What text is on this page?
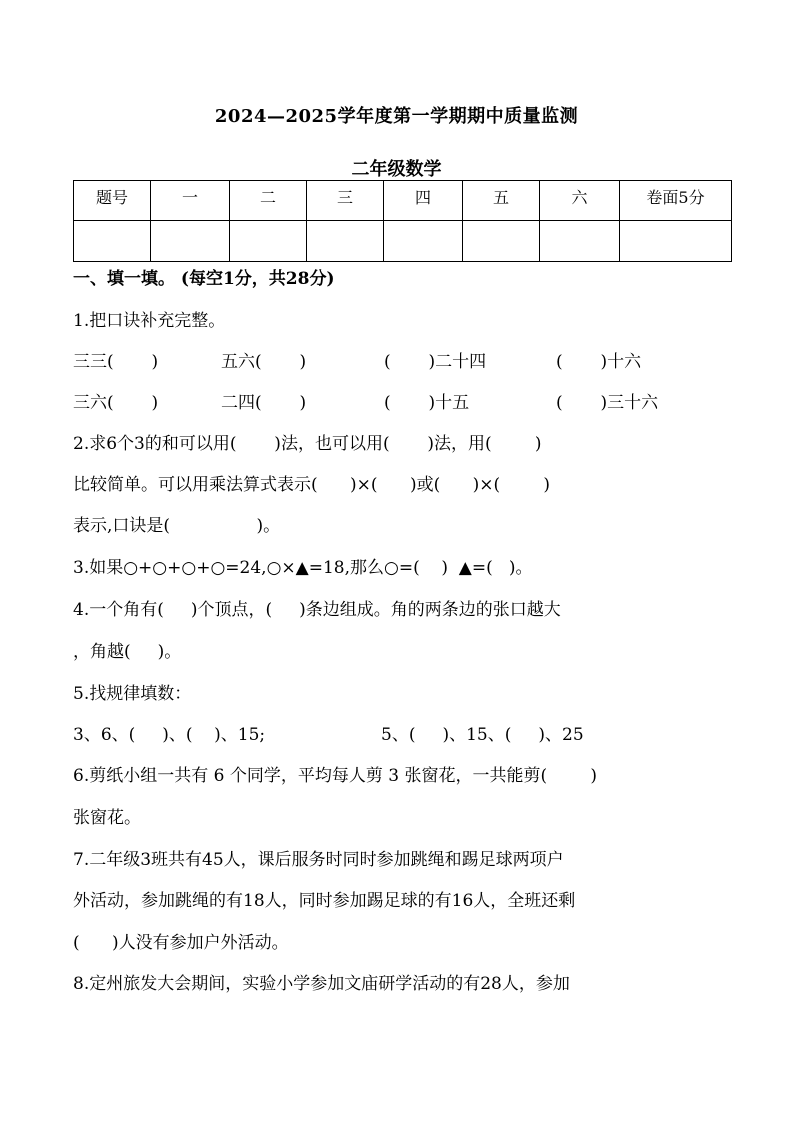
2024—2025学年度第一学期期中质量监测
二年级数学
题号	一	二	三	四	五	六	卷面5分

一、填一填。 (每空1分，共28分)
1.把口诀补充完整。
三三(       )	五六(       )	(       )二十四	(       )十六
三六(       )	二四(       )	(       )十五	(       )三十六
2.求6个3的和可以用(       )法，也可以用(       )法，用(        )
比较简单。可以用乘法算式表示(      )×(      )或(      )×(        )
表示,口诀是(                )。
3.如果○+○+○+○=24,○×▲=18,那么○=(    )  ▲=(   )。
4.一个角有(     )个顶点，(     )条边组成。角的两条边的张口越大
，角越(     )。
5.找规律填数：
3、6、(     )、(    )、15;	5、(     )、15、(     )、25
6.剪纸小组一共有 6 个同学，平均每人剪 3 张窗花，一共能剪(        )
张窗花。
7.二年级3班共有45人，课后服务时同时参加跳绳和踢足球两项户
外活动，参加跳绳的有18人，同时参加踢足球的有16人，全班还剩
(      )人没有参加户外活动。
8.定州旅发大会期间，实验小学参加文庙研学活动的有28人，参加
